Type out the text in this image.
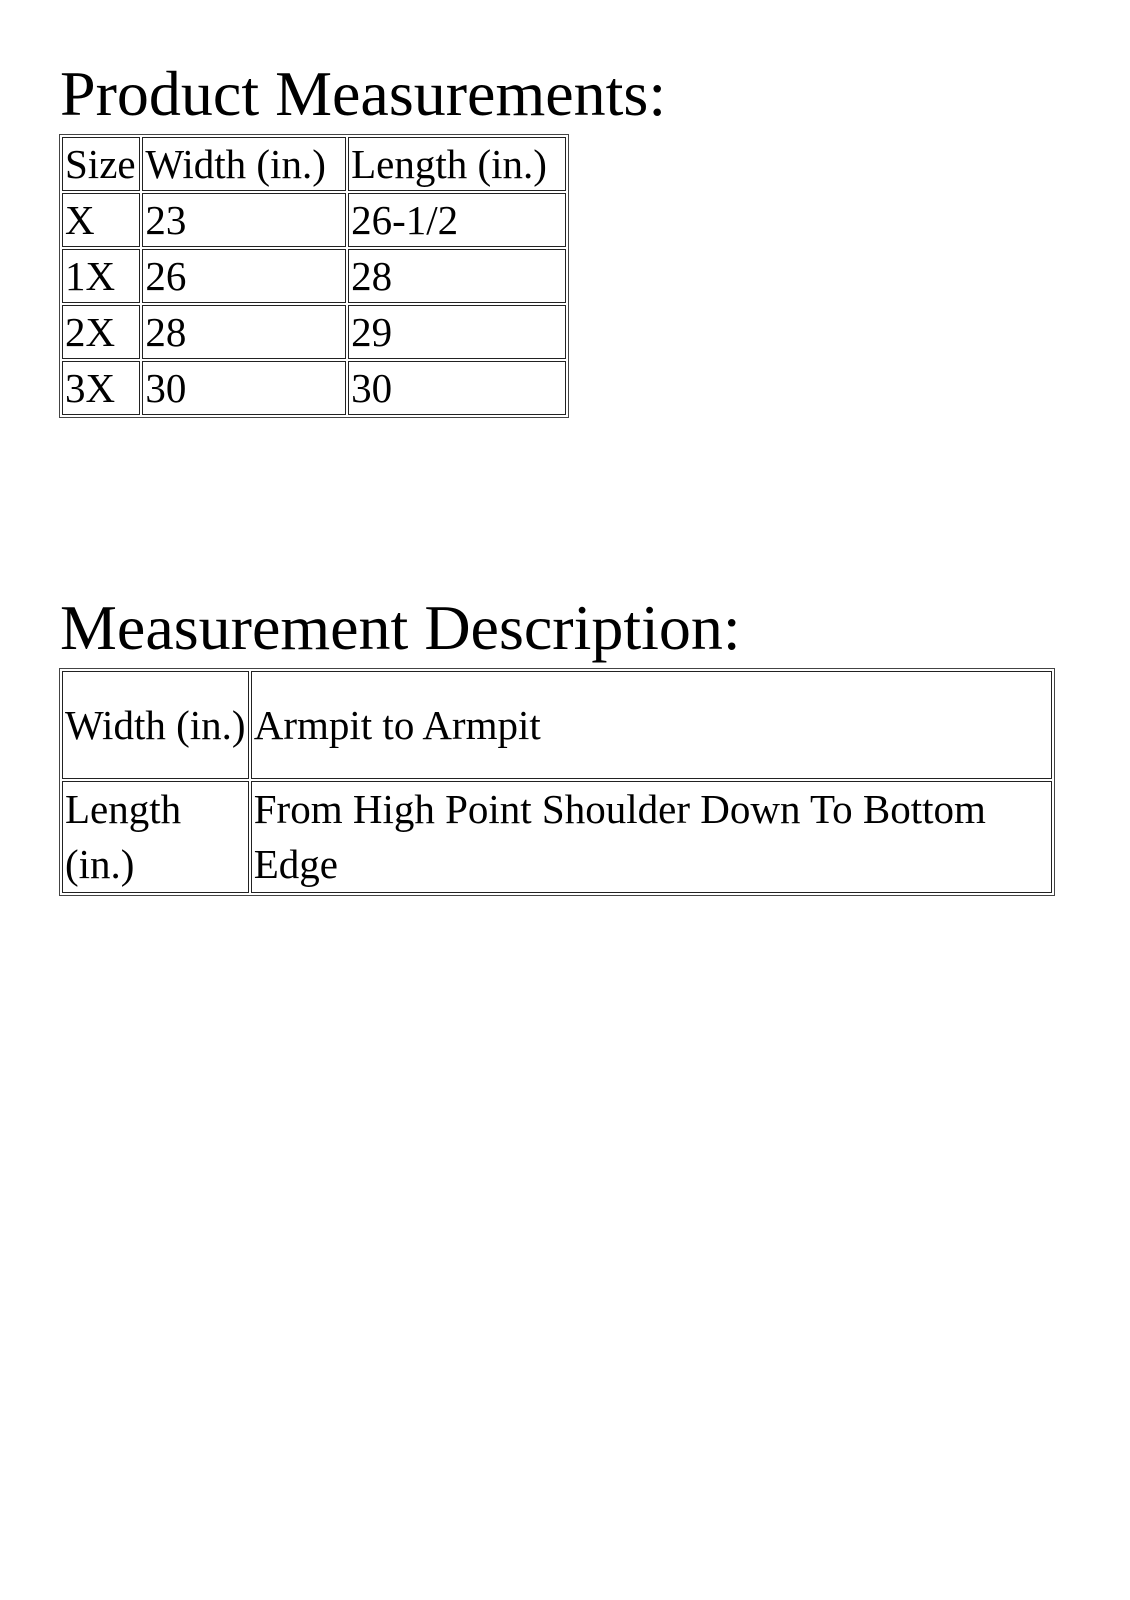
Product Measurements:
Size	Width (in.)	Length (in.)
X	23	26-1/2
1X	26	28
2X	28	29
3X	30	30
Measurement Description:
Width (in.)	Armpit to Armpit
Length (in.)	From High Point Shoulder Down To Bottom Edge
